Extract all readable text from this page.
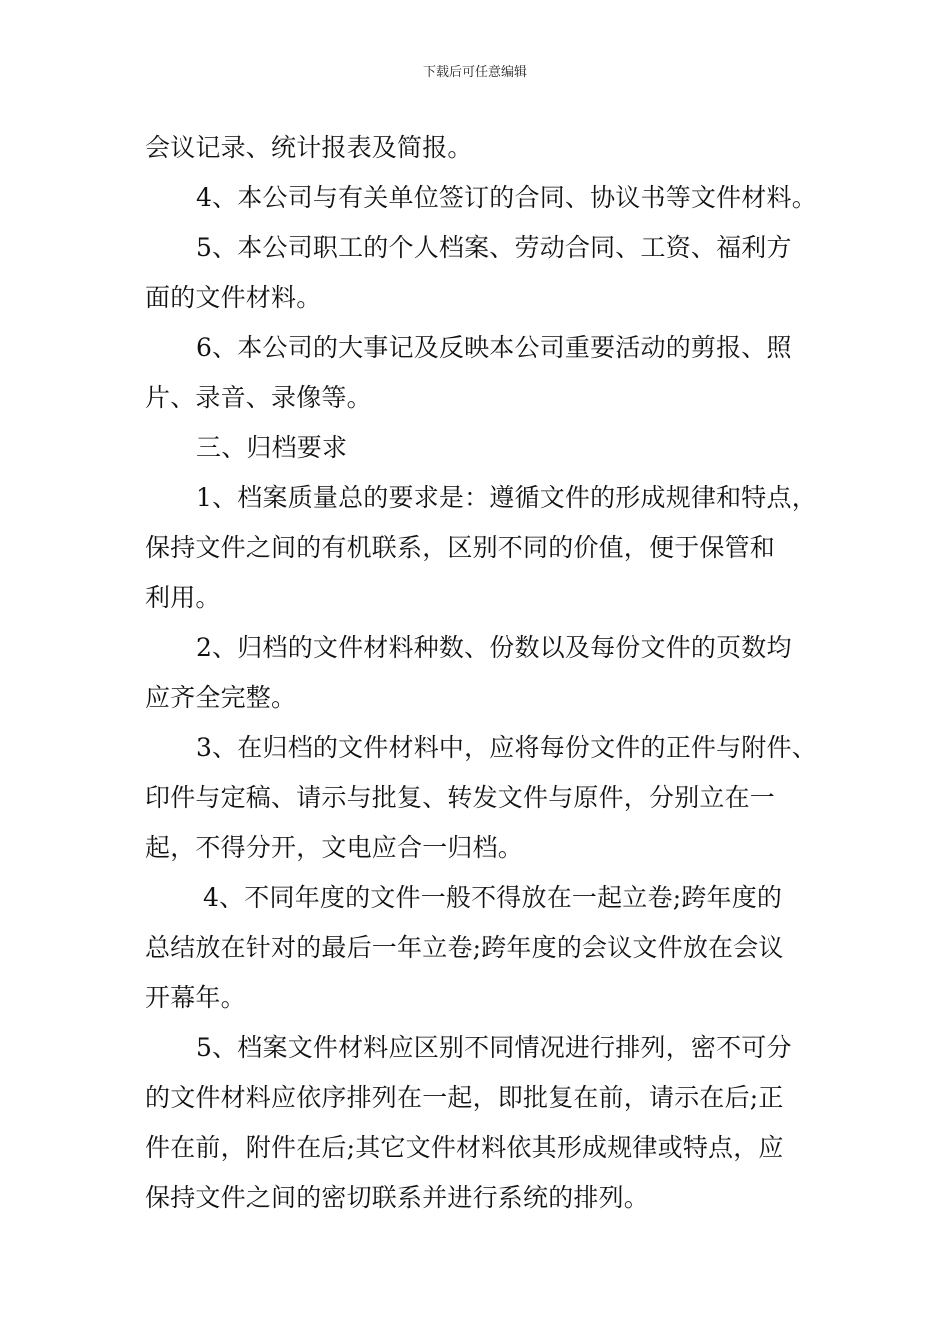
下载后可任意编辑
会议记录、统计报表及简报。
4、本公司与有关单位签订的合同、协议书等文件材料。
5、本公司职工的个人档案、劳动合同、工资、福利方
面的文件材料。
6、本公司的大事记及反映本公司重要活动的剪报、照
片、录音、录像等。
三、归档要求
1、档案质量总的要求是：遵循文件的形成规律和特点，
保持文件之间的有机联系，区别不同的价值，便于保管和
利用。
2、归档的文件材料种数、份数以及每份文件的页数均
应齐全完整。
3、在归档的文件材料中，应将每份文件的正件与附件、
印件与定稿、请示与批复、转发文件与原件，分别立在一
起，不得分开，文电应合一归档。
4、不同年度的文件一般不得放在一起立卷;跨年度的
总结放在针对的最后一年立卷;跨年度的会议文件放在会议
开幕年。
5、档案文件材料应区别不同情况进行排列，密不可分
的文件材料应依序排列在一起，即批复在前，请示在后;正
件在前，附件在后;其它文件材料依其形成规律或特点，应
保持文件之间的密切联系并进行系统的排列。
